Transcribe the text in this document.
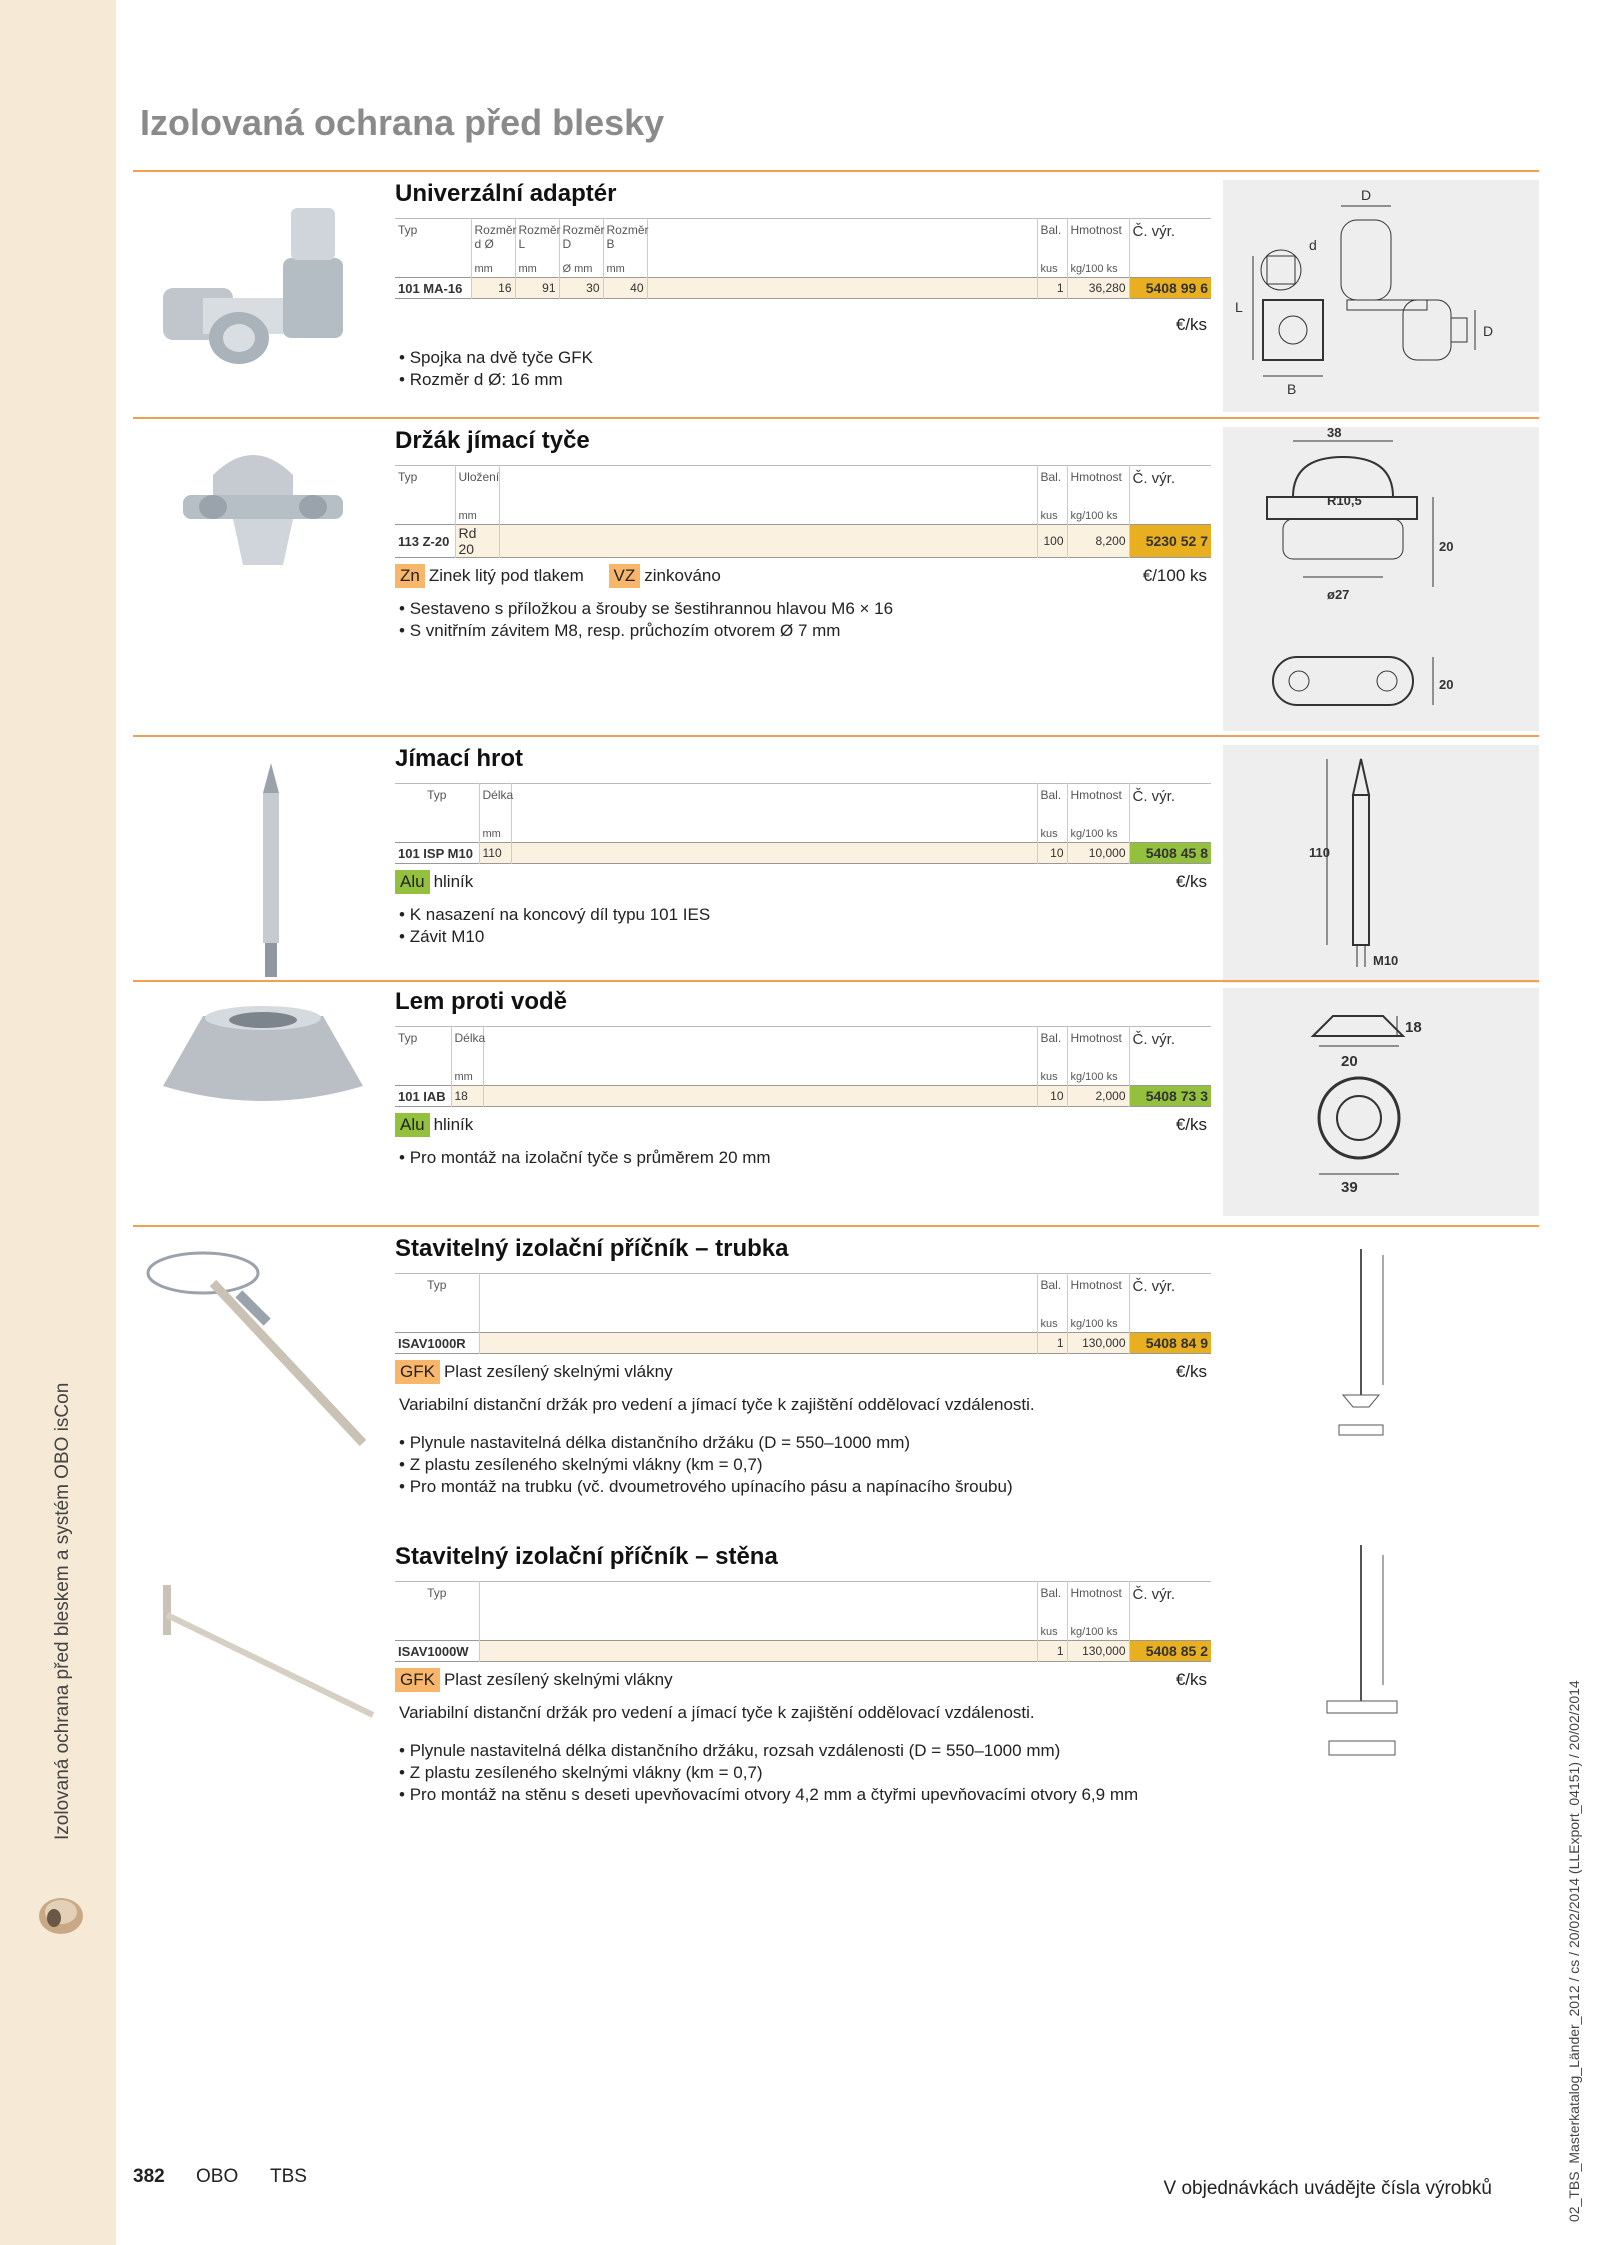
Izolovaná ochrana před bleskem a systém OBO isCon
02_TBS_Masterkatalog_Länder_2012 / cs / 20/02/2014 (LLExport_04151) / 20/02/2014
Izolovaná ochrana před blesky
Univerzální adaptér
Typ	Rozměr d Ø	Rozměr L	Rozměr D	Rozměr B		Bal.	Hmotnost	Č. výr.
	mm	mm	Ø mm	mm		kus	kg/100 ks	
101 MA-16	16	91	30	40		1	36,280	5408 99 6
€/ks
• Spojka na dvě tyče GFK
• Rozměr d Ø: 16 mm
D
L
d
B
D
Držák jímací tyče
Typ	Uložení		Bal.	Hmotnost	Č. výr.
	mm		kus	kg/100 ks	
113 Z-20	Rd 20		100	8,200	5230 52 7
Zn Zinek litý pod tlakem VZ zinkováno	€/100 ks
• Sestaveno s příložkou a šrouby se šestihrannou hlavou M6 × 16
• S vnitřním závitem M8, resp. průchozím otvorem Ø 7 mm
38
R10,5
20
ø27
20
Jímací hrot
Typ	Délka		Bal.	Hmotnost	Č. výr.
	mm		kus	kg/100 ks	
101 ISP M10	110		10	10,000	5408 45 8
Alu hliník	€/ks
• K nasazení na koncový díl typu 101 IES
• Závit M10
110
M10
Lem proti vodě
Typ	Délka		Bal.	Hmotnost	Č. výr.
	mm		kus	kg/100 ks	
101 IAB	18		10	2,000	5408 73 3
Alu hliník	€/ks
• Pro montáž na izolační tyče s průměrem 20 mm
18
20
39
Stavitelný izolační příčník – trubka
Typ		Bal.	Hmotnost	Č. výr.
		kus	kg/100 ks	
ISAV1000R		1	130,000	5408 84 9
GFK Plast zesílený skelnými vlákny	€/ks
Variabilní distanční držák pro vedení a jímací tyče k zajištění oddělovací vzdálenosti.
• Plynule nastavitelná délka distančního držáku (D = 550–1000 mm)
• Z plastu zesíleného skelnými vlákny (km = 0,7)
• Pro montáž na trubku (vč. dvoumetrového upínacího pásu a napínacího šroubu)
Stavitelný izolační příčník – stěna
Typ		Bal.	Hmotnost	Č. výr.
		kus	kg/100 ks	
ISAV1000W		1	130,000	5408 85 2
GFK Plast zesílený skelnými vlákny	€/ks
Variabilní distanční držák pro vedení a jímací tyče k zajištění oddělovací vzdálenosti.
• Plynule nastavitelná délka distančního držáku, rozsah vzdálenosti (D = 550–1000 mm)
• Z plastu zesíleného skelnými vlákny (km = 0,7)
• Pro montáž na stěnu s deseti upevňovacími otvory 4,2 mm a čtyřmi upevňovacími otvory 6,9 mm
382 OBO TBS
V objednávkách uvádějte čísla výrobků
